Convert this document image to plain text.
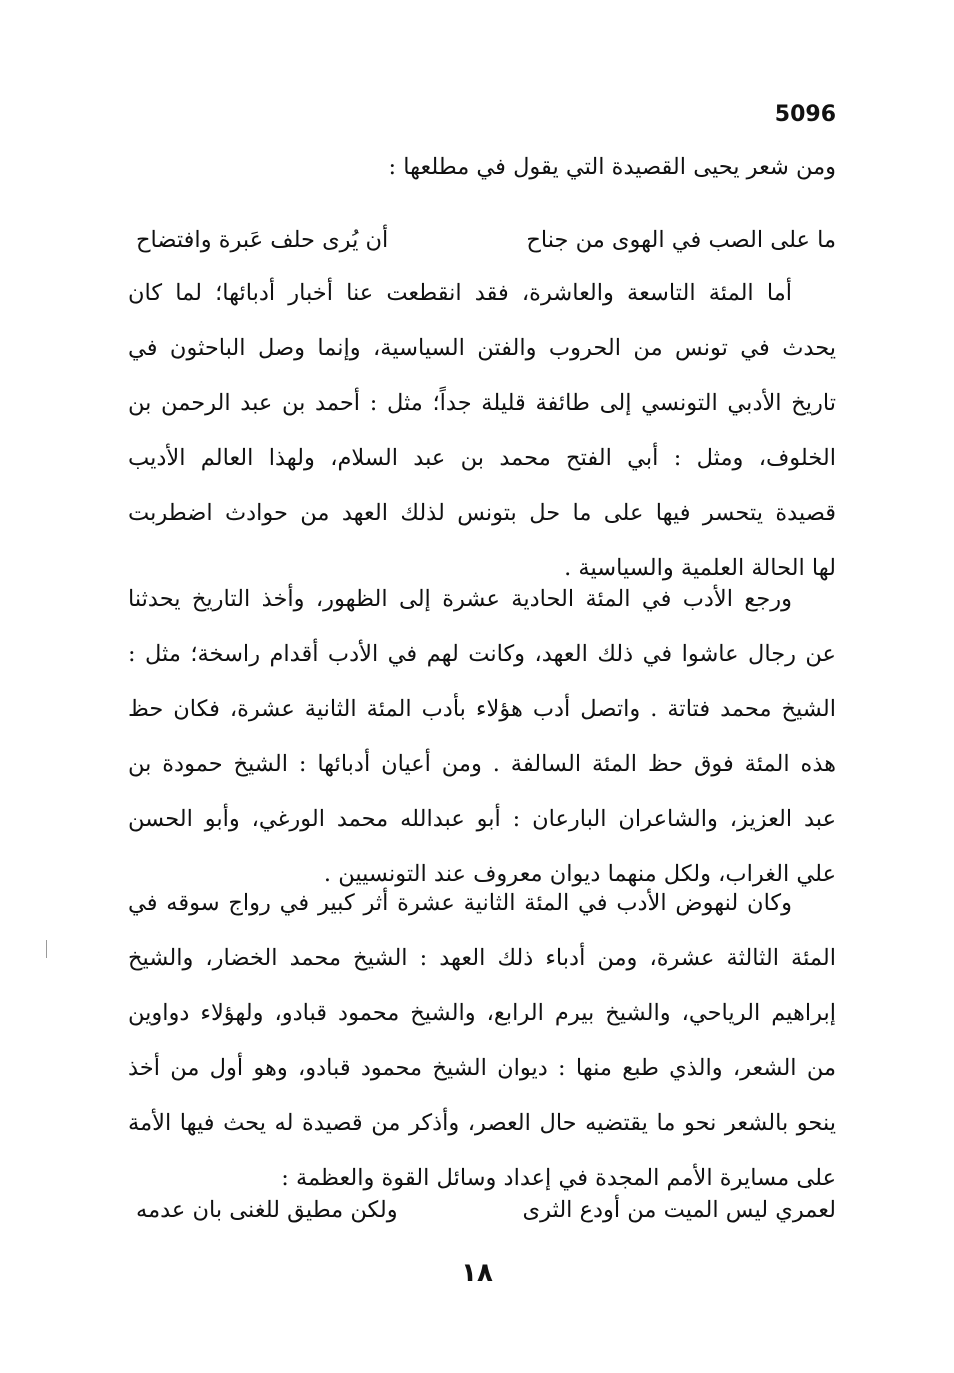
5096
ومن شعر يحيى القصيدة التي يقول في مطلعها :
ما على الصب في الهوى من جناح
أن يُرى حلف عَبرة وافتضاح
أما المئة التاسعة والعاشرة، فقد انقطعت عنا أخبار أدبائها؛ لما كان
يحدث في تونس من الحروب والفتن السياسية، وإنما وصل الباحثون في
تاريخ الأدبي التونسي إلى طائفة قليلة جداً؛ مثل : أحمد بن عبد الرحمن بن
الخلوف، ومثل : أبي الفتح محمد بن عبد السلام، ولهذا العالم الأديب
قصيدة يتحسر فيها على ما حل بتونس لذلك العهد من حوادث اضطربت
لها الحالة العلمية والسياسية .
ورجع الأدب في المئة الحادية عشرة إلى الظهور، وأخذ التاريخ يحدثنا
عن رجال عاشوا في ذلك العهد، وكانت لهم في الأدب أقدام راسخة؛ مثل :
الشيخ محمد فتاتة . واتصل أدب هؤلاء بأدب المئة الثانية عشرة، فكان حظ
هذه المئة فوق حظ المئة السالفة . ومن أعيان أدبائها : الشيخ حمودة بن
عبد العزيز، والشاعران البارعان : أبو عبدالله محمد الورغي، وأبو الحسن
علي الغراب، ولكل منهما ديوان معروف عند التونسيين .
وكان لنهوض الأدب في المئة الثانية عشرة أثر كبير في رواج سوقه في
المئة الثالثة عشرة، ومن أدباء ذلك العهد : الشيخ محمد الخضار، والشيخ
إبراهيم الرياحي، والشيخ بيرم الرابع، والشيخ محمود قبادو، ولهؤلاء دواوين
من الشعر، والذي طبع منها : ديوان الشيخ محمود قبادو، وهو أول من أخذ
ينحو بالشعر نحو ما يقتضيه حال العصر، وأذكر من قصيدة له يحث فيها الأمة
على مسايرة الأمم المجدة في إعداد وسائل القوة والعظمة :
لعمري ليس الميت من أودع الثرى
ولكن مطيق للغنى بان عدمه
١٨
